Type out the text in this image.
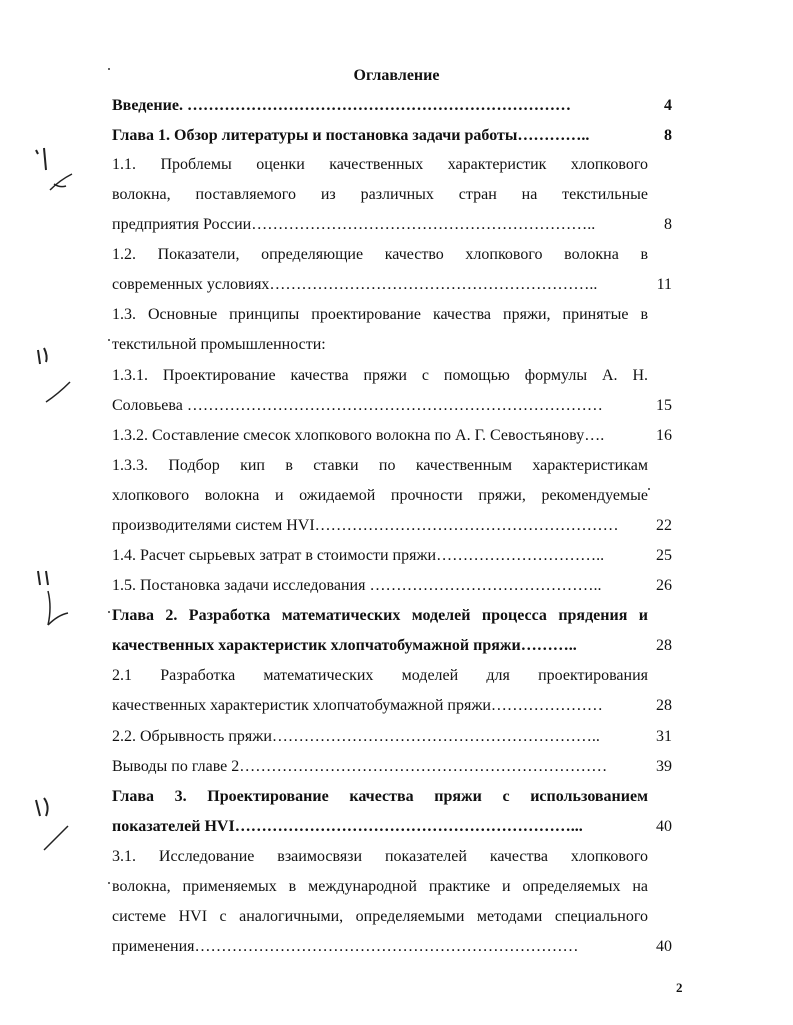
Оглавление
Введение. ………………………………………………………………	4
Глава 1. Обзор литературы и постановка задачи работы…………..	8
1.1. Проблемы оценки качественных характеристик хлопкового
волокна, поставляемого из различных стран на текстильные
предприятия России………………………………………………………..	8
1.2. Показатели, определяющие качество хлопкового волокна в
современных условиях……………………………………………………..	11
1.3. Основные принципы проектирование качества пряжи, принятые в
текстильной промышленности:
1.3.1. Проектирование качества пряжи с помощью формулы А. Н.
Соловьева ……………………………………………………………………	15
1.3.2. Составление смесок хлопкового волокна по А. Г. Севостьянову….	16
1.3.3. Подбор кип в ставки по качественным характеристикам
хлопкового волокна и ожидаемой прочности пряжи, рекомендуемые
производителями систем HVI…………………………………………………	22
1.4. Расчет сырьевых затрат в стоимости пряжи…………………………..	25
1.5. Постановка задачи исследования ……………………………………..	26
Глава 2. Разработка математических моделей процесса прядения и
качественных характеристик хлопчатобумажной пряжи………..	28
2.1 Разработка математических моделей для проектирования
качественных характеристик хлопчатобумажной пряжи…………………	28
2.2. Обрывность пряжи……………………………………………………..	31
Выводы по главе 2……………………………………………………………	39
Глава 3. Проектирование качества пряжи с использованием
показателей HVI………………………………………………………...	40
3.1. Исследование взаимосвязи показателей качества хлопкового
волокна, применяемых в международной практике и определяемых на
системе HVI с аналогичными, определяемыми методами специального
применения………………………………………………………………	40
2
